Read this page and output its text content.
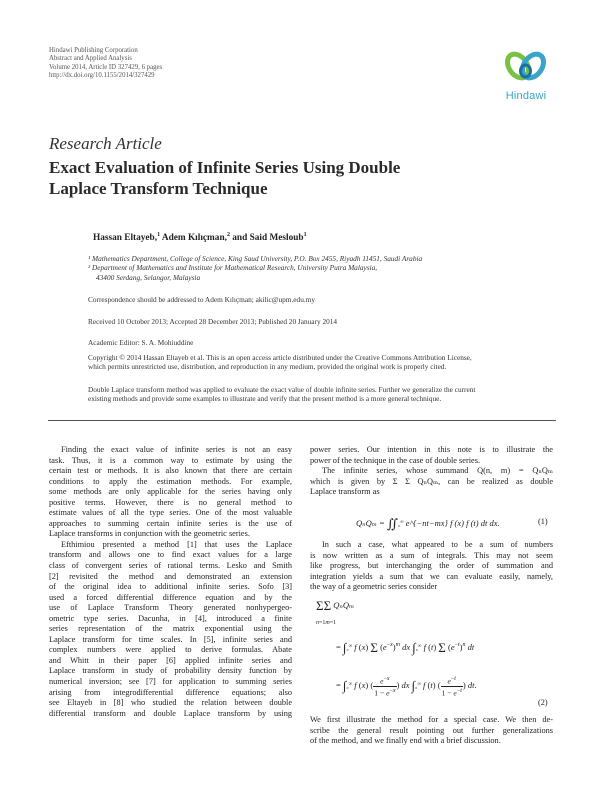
Hindawi Publishing Corporation
Abstract and Applied Analysis
Volume 2014, Article ID 327429, 6 pages
http://dx.doi.org/10.1155/2014/327429
Hindawi
Research Article
Exact Evaluation of Infinite Series Using Double
Laplace Transform Technique
Hassan Eltayeb,$^1$ Adem Kılıçman,$^2$ and Said Mesloub$^1$
¹ Mathematics Department, College of Science, King Saud University, P.O. Box 2455, Riyadh 11451, Saudi Arabia
² Department of Mathematics and Institute for Mathematical Research, University Putra Malaysia,
43400 Serdang, Selangor, Malaysia
Correspondence should be addressed to Adem Kılıçman; akilic@upm.edu.my
Received 10 October 2013; Accepted 28 December 2013; Published 20 January 2014
Academic Editor: S. A. Mohiuddine
Copyright © 2014 Hassan Eltayeb et al. This is an open access article distributed under the Creative Commons Attribution License,
which permits unrestricted use, distribution, and reproduction in any medium, provided the original work is properly cited.
Double Laplace transform method was applied to evaluate the exact value of double infinite series. Further we generalize the current
existing methods and provide some examples to illustrate and verify that the present method is a more general technique.

Finding the exact value of infinite series is not an easy
task. Thus, it is a common way to estimate by using the
certain test or methods. It is also known that there are certain
conditions to apply the estimation methods. For example,
some methods are only applicable for the series having only
positive terms. However, there is no general method to
estimate values of all the type series. One of the most valuable
approaches to summing certain infinite series is the use of
Laplace transforms in conjunction with the geometric series.

Efthimiou presented a method [1] that uses the Laplace
transform and allows one to find exact values for a large
class of convergent series of rational terms. Lesko and Smith
[2] revisited the method and demonstrated an extension
of the original idea to additional infinite series. Sofo [3]
used a forced differential difference equation and by the
use of Laplace Transform Theory generated nonhypergeo-
ometric type series. Dacunha, in [4], introduced a finite
series representation of the matrix exponential using the
Laplace transform for time scales. In [5], infinite series and
complex numbers were applied to derive formulas. Abate
and Whitt in their paper [6] applied infinite series and
Laplace transform in study of probability density function by
numerical inversion; see [7] for application to summing series
arising from integrodifferential difference equations; also
see Eltayeb in [8] who studied the relation between double
differential transform and double Laplace transform by using

power series. Our intention in this note is to illustrate the
power of the technique in the case of double series.
The infinite series, whose summand Q(n, m) = QₙQₘ
which is given by Σ Σ QₙQₘ, can be realized as double
Laplace transform as
QₙQₘ = ∬₀∞ e^{−nt−mx} f (x) f (t) dt dx.	(1)
In such a case, what appeared to be a sum of numbers
is now written as a sum of integrals. This may not seem
like progress, but interchanging the order of summation and
integration yields a sum that we can evaluate easily, namely,
the way of a geometric series consider
ΣΣ QₙQₘ
n=1m=1
= ∫₀∞ f (x) Σ $(e^{-x})^m$ dx ∫₀∞ f (t) Σ $(e^{-t})^n$ dt
= ∫₀∞ f (x) ( $\frac{e^{-x}}{1 - e^{-x}}$ ) dx ∫₀∞ f (t) ( $\frac{e^{-t}}{1 - e^{-t}}$ ) dt.
(2)
We first illustrate the method for a special case. We then de-
scribe the general result pointing out further generalizations
of the method, and we finally end with a brief discussion.
